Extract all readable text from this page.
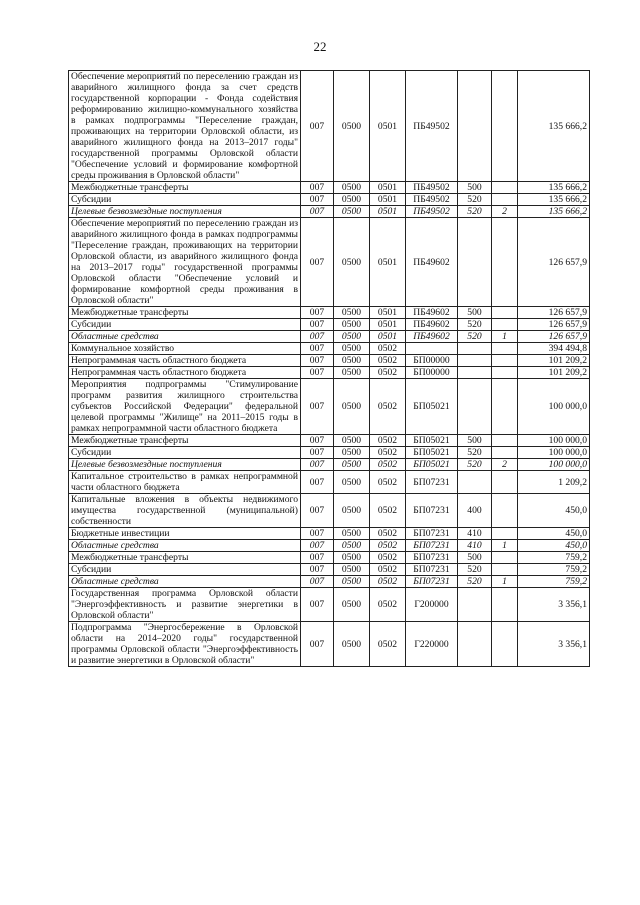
22
Обеспечение мероприятий по переселению граждан из аварийного жилищного фонда за счет средств государственной корпорации - Фонда содействия реформированию жилищно-коммунального хозяйства в рамках подпрограммы "Переселение граждан, проживающих на территории Орловской области, из аварийного жилищного фонда на 2013–2017 годы" государственной программы Орловской области "Обеспечение условий и формирование комфортной среды проживания в Орловской области"	007	0500	0501	ПБ49502			135 666,2
Межбюджетные трансферты	007	0500	0501	ПБ49502	500		135 666,2
Субсидии	007	0500	0501	ПБ49502	520		135 666,2
Целевые безвозмездные поступления	007	0500	0501	ПБ49502	520	2	135 666,2
Обеспечение мероприятий по переселению граждан из аварийного жилищного фонда в рамках подпрограммы "Переселение граждан, проживающих на территории Орловской области, из аварийного жилищного фонда на 2013–2017 годы" государственной программы Орловской области "Обеспечение условий и формирование комфортной среды проживания в Орловской области"	007	0500	0501	ПБ49602			126 657,9
Межбюджетные трансферты	007	0500	0501	ПБ49602	500		126 657,9
Субсидии	007	0500	0501	ПБ49602	520		126 657,9
Областные средства	007	0500	0501	ПБ49602	520	1	126 657,9
Коммунальное хозяйство	007	0500	0502				394 494,8
Непрограммная часть областного бюджета	007	0500	0502	БП00000			101 209,2
Непрограммная часть областного бюджета	007	0500	0502	БП00000			101 209,2
Мероприятия подпрограммы "Стимулирование программ развития жилищного строительства субъектов Российской Федерации" федеральной целевой программы "Жилище" на 2011–2015 годы в рамках непрограммной части областного бюджета	007	0500	0502	БП05021			100 000,0
Межбюджетные трансферты	007	0500	0502	БП05021	500		100 000,0
Субсидии	007	0500	0502	БП05021	520		100 000,0
Целевые безвозмездные поступления	007	0500	0502	БП05021	520	2	100 000,0
Капитальное строительство в рамках непрограммной части областного бюджета	007	0500	0502	БП07231			1 209,2
Капитальные вложения в объекты недвижимого имущества государственной (муниципальной) собственности	007	0500	0502	БП07231	400		450,0
Бюджетные инвестиции	007	0500	0502	БП07231	410		450,0
Областные средства	007	0500	0502	БП07231	410	1	450,0
Межбюджетные трансферты	007	0500	0502	БП07231	500		759,2
Субсидии	007	0500	0502	БП07231	520		759,2
Областные средства	007	0500	0502	БП07231	520	1	759,2
Государственная программа Орловской области "Энергоэффективность и развитие энергетики в Орловской области"	007	0500	0502	Г200000			3 356,1
Подпрограмма "Энергосбережение в Орловской области на 2014–2020 годы" государственной программы Орловской области "Энергоэффективность и развитие энергетики в Орловской области"	007	0500	0502	Г220000			3 356,1
